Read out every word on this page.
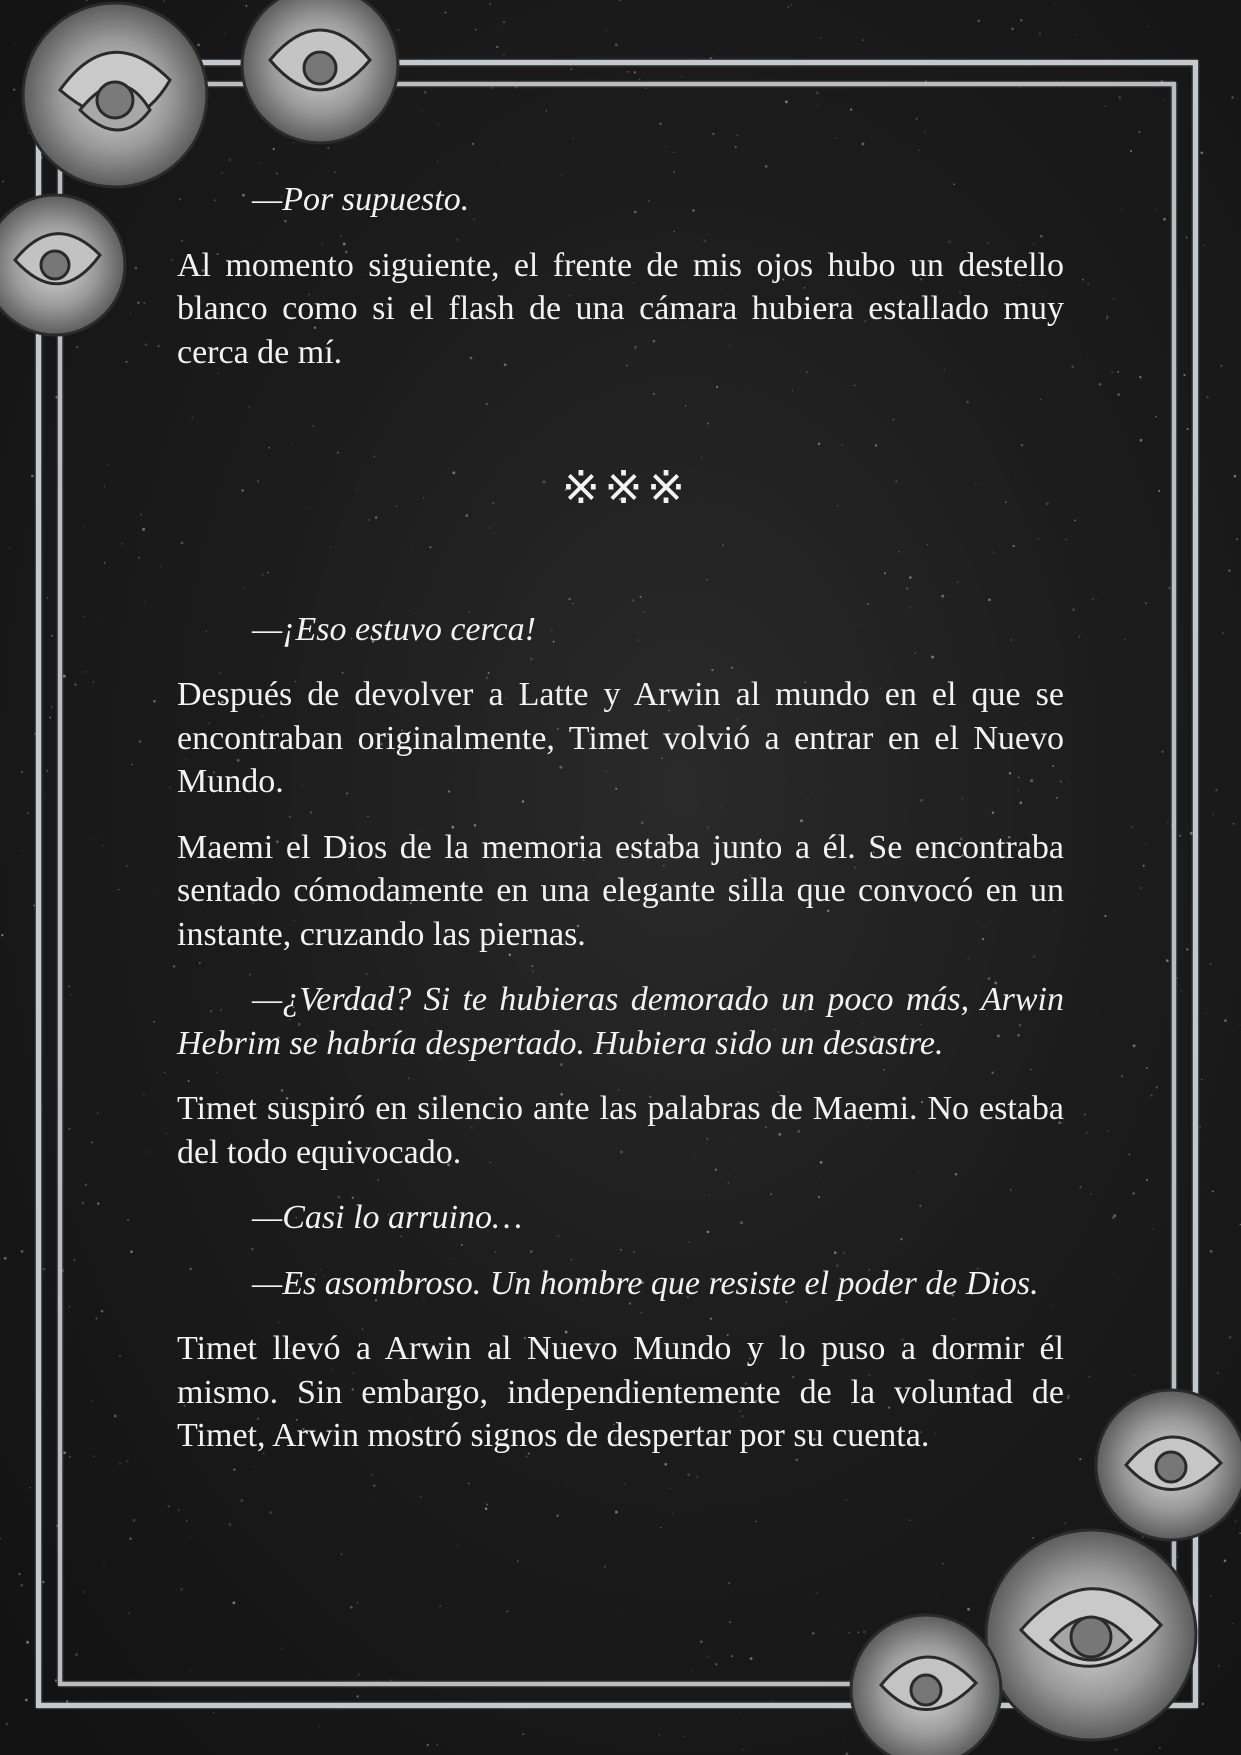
—Por supuesto.

Al momento siguiente, el frente de mis ojos hubo un destello blanco como si el flash de una cámara hubiera estallado muy cerca de mí.

※※※

—¡Eso estuvo cerca!

Después de devolver a Latte y Arwin al mundo en el que se encontraban originalmente, Timet volvió a entrar en el Nuevo Mundo.

Maemi el Dios de la memoria estaba junto a él. Se encontraba sentado cómodamente en una elegante silla que convocó en un instante, cruzando las piernas.

—¿Verdad? Si te hubieras demorado un poco más, Arwin Hebrim se habría despertado. Hubiera sido un desastre.

Timet suspiró en silencio ante las palabras de Maemi. No estaba del todo equivocado.

—Casi lo arruino…

—Es asombroso. Un hombre que resiste el poder de Dios.

Timet llevó a Arwin al Nuevo Mundo y lo puso a dormir él mismo. Sin embargo, independientemente de la voluntad de Timet, Arwin mostró signos de despertar por su cuenta.
